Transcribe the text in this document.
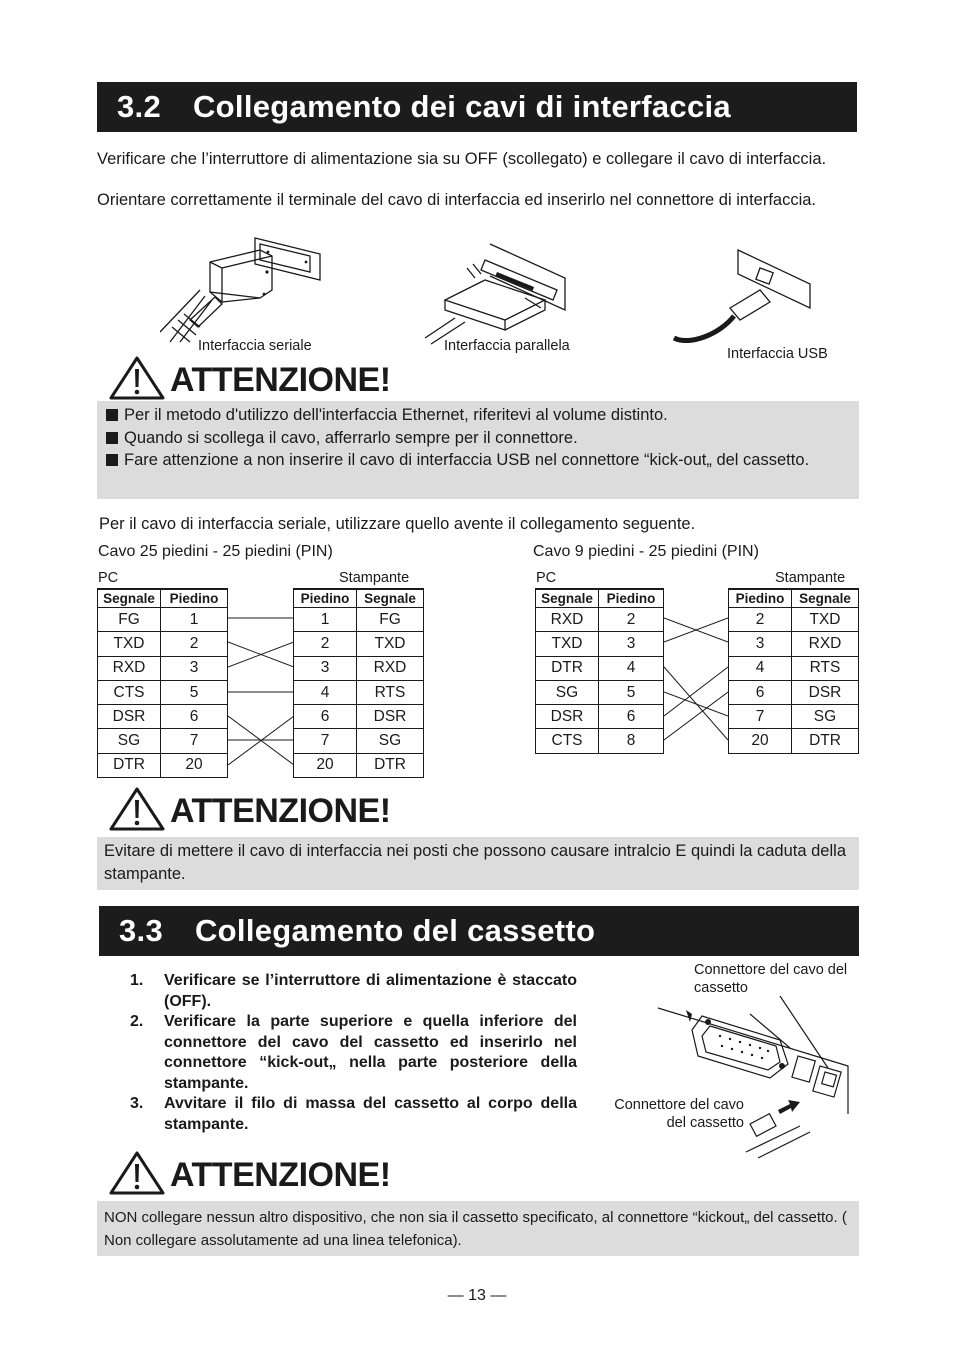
3.2 Collegamento dei cavi di interfaccia
Verificare che l’interruttore di alimentazione sia su OFF (scollegato) e collegare il cavo di interfaccia.
Orientare correttamente il terminale del cavo di interfaccia ed inserirlo nel connettore di interfaccia.
Interfaccia seriale	Interfaccia parallela	Interfaccia USB
ATTENZIONE!
Per il metodo d'utilizzo dell'interfaccia Ethernet, riferitevi al volume distinto.
Quando si scollega il cavo, afferrarlo sempre per il connettore.
Fare attenzione a non inserire il cavo di interfaccia USB nel connettore “kick-out„ del cassetto.
Per il cavo di interfaccia seriale, utilizzare quello avente il collegamento seguente.
Cavo 25 piedini - 25 piedini (PIN)	Cavo 9 piedini - 25 piedini (PIN)
PC	Stampante	PC	Stampante
Segnale	Piedino
FG	1
TXD	2
RXD	3
CTS	5
DSR	6
SG	7
DTR	20
Piedino	Segnale
1	FG
2	TXD
3	RXD
4	RTS
6	DSR
7	SG
20	DTR
Segnale	Piedino
RXD	2
TXD	3
DTR	4
SG	5
DSR	6
CTS	8
Piedino	Segnale
2	TXD
3	RXD
4	RTS
6	DSR
7	SG
20	DTR
ATTENZIONE!
Evitare di mettere il cavo di interfaccia nei posti che possono causare intralcio E quindi la caduta della stampante.
3.3 Collegamento del cassetto
1. Verificare se l’interruttore di alimentazione è staccato (OFF).
2. Verificare la parte superiore e quella inferiore del connettore del cavo del cassetto ed inserirlo nel connettore “kick-out„ nella parte posteriore della stampante.
3. Avvitare il filo di massa del cassetto al corpo della stampante.
Connettore del cavo del cassetto
Connettore del cavo del cassetto
ATTENZIONE!
NON collegare nessun altro dispositivo, che non sia il cassetto specificato, al connettore “kickout„ del cassetto. ( Non collegare assolutamente ad una linea telefonica).
— 13 —
